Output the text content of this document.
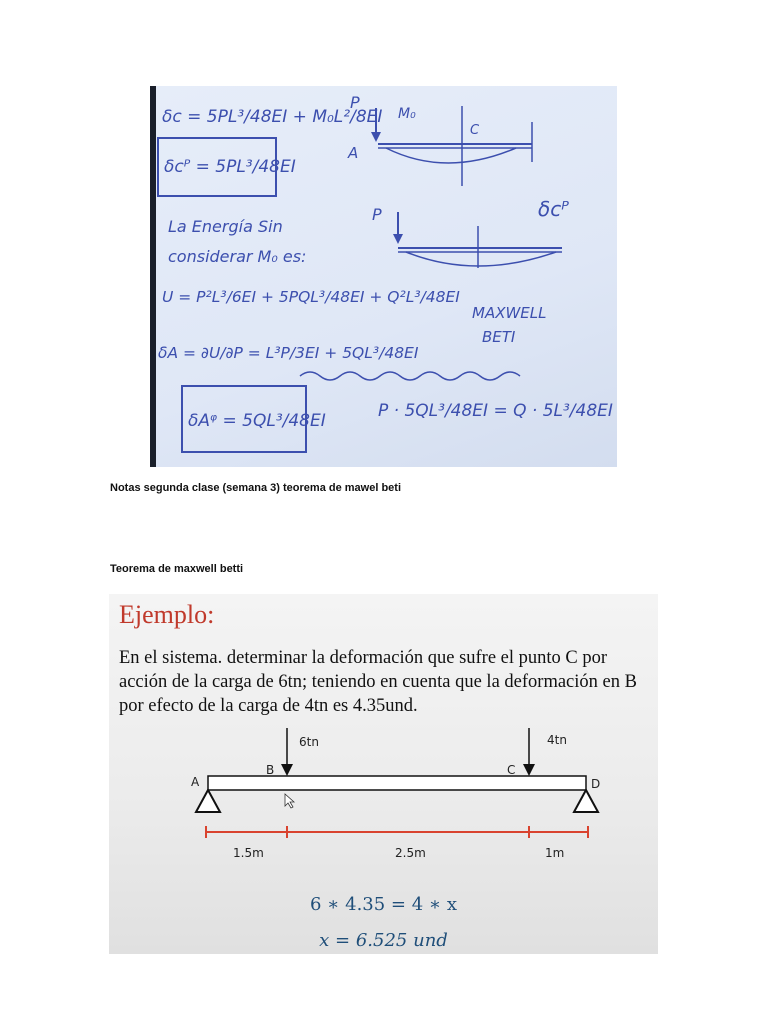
δc = 5PL³/48EI + M₀L²/8EI
δcᴾ = 5PL³/48EI
La Energía Sin
considerar M₀ es:
U = P²L³/6EI + 5PQL³/48EI + Q²L³/48EI
δA = ∂U/∂P = L³P/3EI + 5QL³/48EI
δAᵠ = 5QL³/48EI	P · 5QL³/48EI = Q · 5L³/48EI
MAXWELL
BETI
δcᴾ
P
M₀
A
C
P
Notas segunda clase (semana 3) teorema de mawel beti
Teorema de maxwell betti
Ejemplo:
En el sistema. determinar la deformación que sufre el punto C por acción de la carga de 6tn; teniendo en cuenta que la deformación en B por efecto de la carga de 4tn es 4.35und.
6tn	4tn
A
B	C
D
1.5m	2.5m	1m
6 ∗ 4.35 = 4 ∗ x
x = 6.525 und
